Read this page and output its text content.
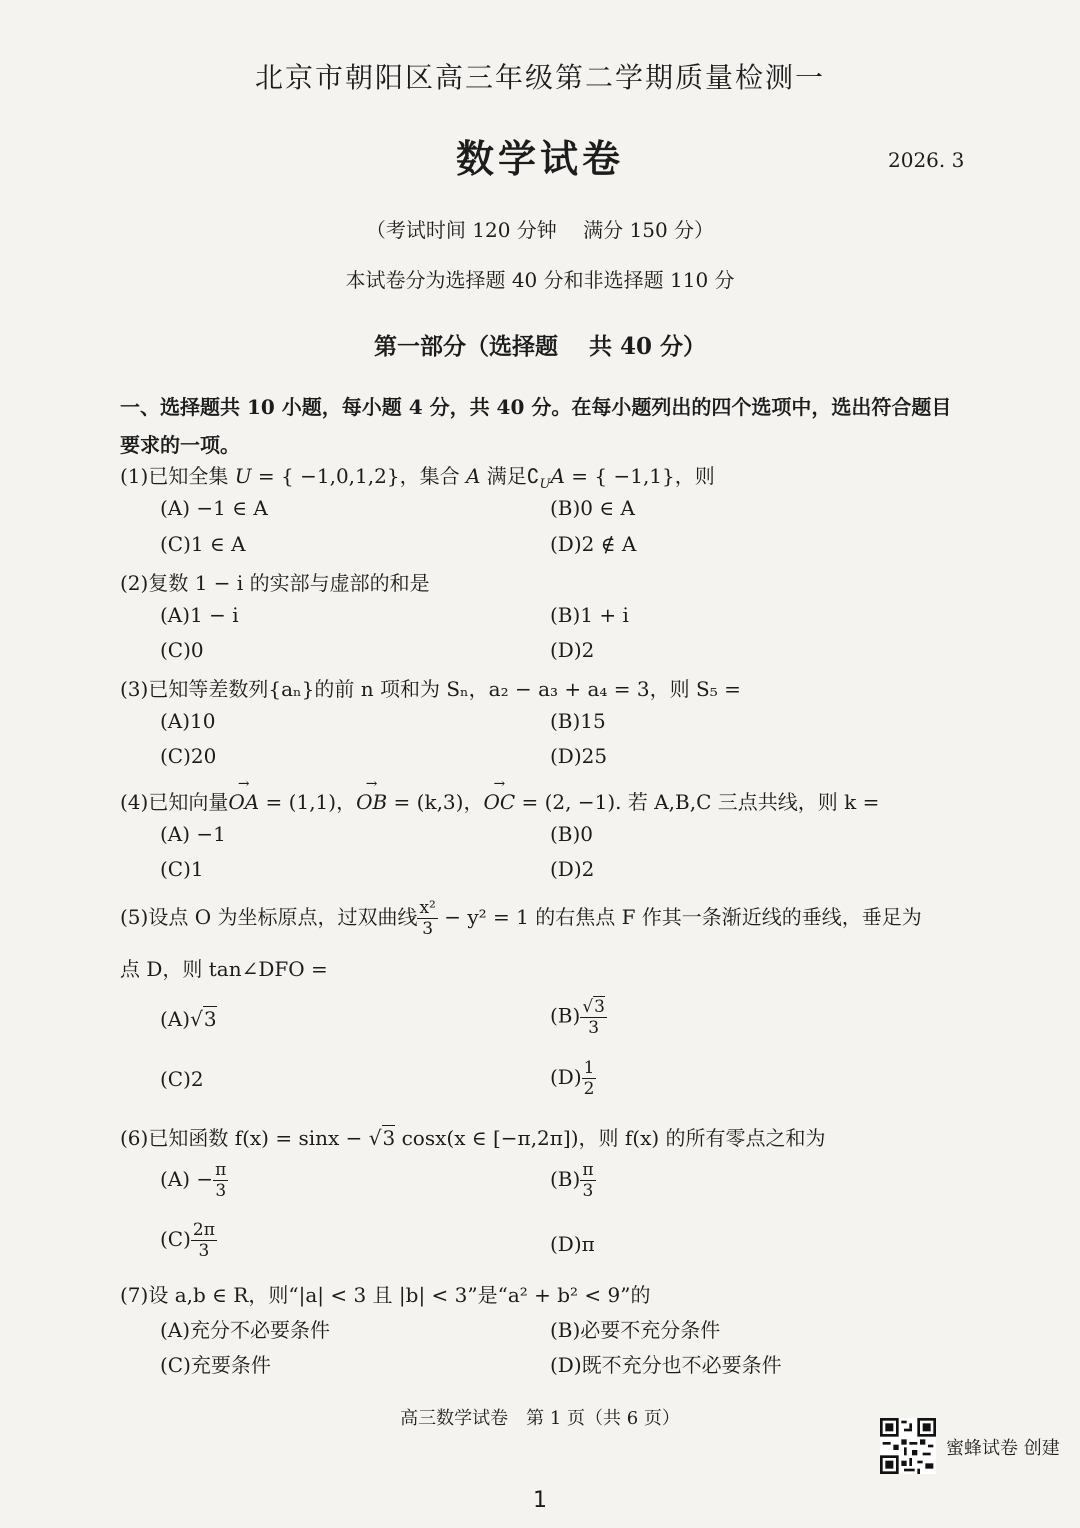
北京市朝阳区高三年级第二学期质量检测一
数学试卷	2026. 3
（考试时间 120 分钟　 满分 150 分）
本试卷分为选择题 40 分和非选择题 110 分
第一部分（选择题　 共 40 分）
一、选择题共 10 小题，每小题 4 分，共 40 分。在每小题列出的四个选项中，选出符合题目要求的一项。
(1)已知全集 U = { −1,0,1,2}，集合 A 满足$∁_UA$ = { −1,1}，则
(A) −1 ∈ A	(B)0 ∈ A
(C)1 ∈ A	(D)2 ∉ A
(2)复数 1 − i 的实部与虚部的和是
(A)1 − i	(B)1 + i
(C)0	(D)2
(3)已知等差数列{aₙ}的前 n 项和为 Sₙ，a₂ − a₃ + a₄ = 3，则 S₅ =
(A)10	(B)15
(C)20	(D)25
(4)已知向量→ OA = (1,1)，→ OB = (k,3)，→ OC = (2, −1). 若 A,B,C 三点共线，则 k =
(A) −1	(B)0
(C)1	(D)2
(5)设点 O 为坐标原点，过双曲线 $\frac{\text{x²}}{3} - y^2 = 1$ 的右焦点 F 作其一条渐近线的垂线，垂足为
点 D，则 tan∠DFO =
(A)√3	$(B) \frac{√3}{3}$
(C)2	$(D) \frac{1}{2}$
(6)已知函数 f(x) = sinx − √3 cosx(x ∈ [−π,2π])，则 f(x) 的所有零点之和为
$(A) - \frac{\pi}{3}$	$(B) \frac{\pi}{3}$
$(C) \frac{2\pi}{3}$	(D)π
(7)设 a,b ∈ R，则“|a| < 3 且 |b| < 3”是“a² + b² < 9”的
(A)充分不必要条件	(B)必要不充分条件
(C)充要条件	(D)既不充分也不必要条件
高三数学试卷　第 1 页（共 6 页）
蜜蜂试卷 创建
1
